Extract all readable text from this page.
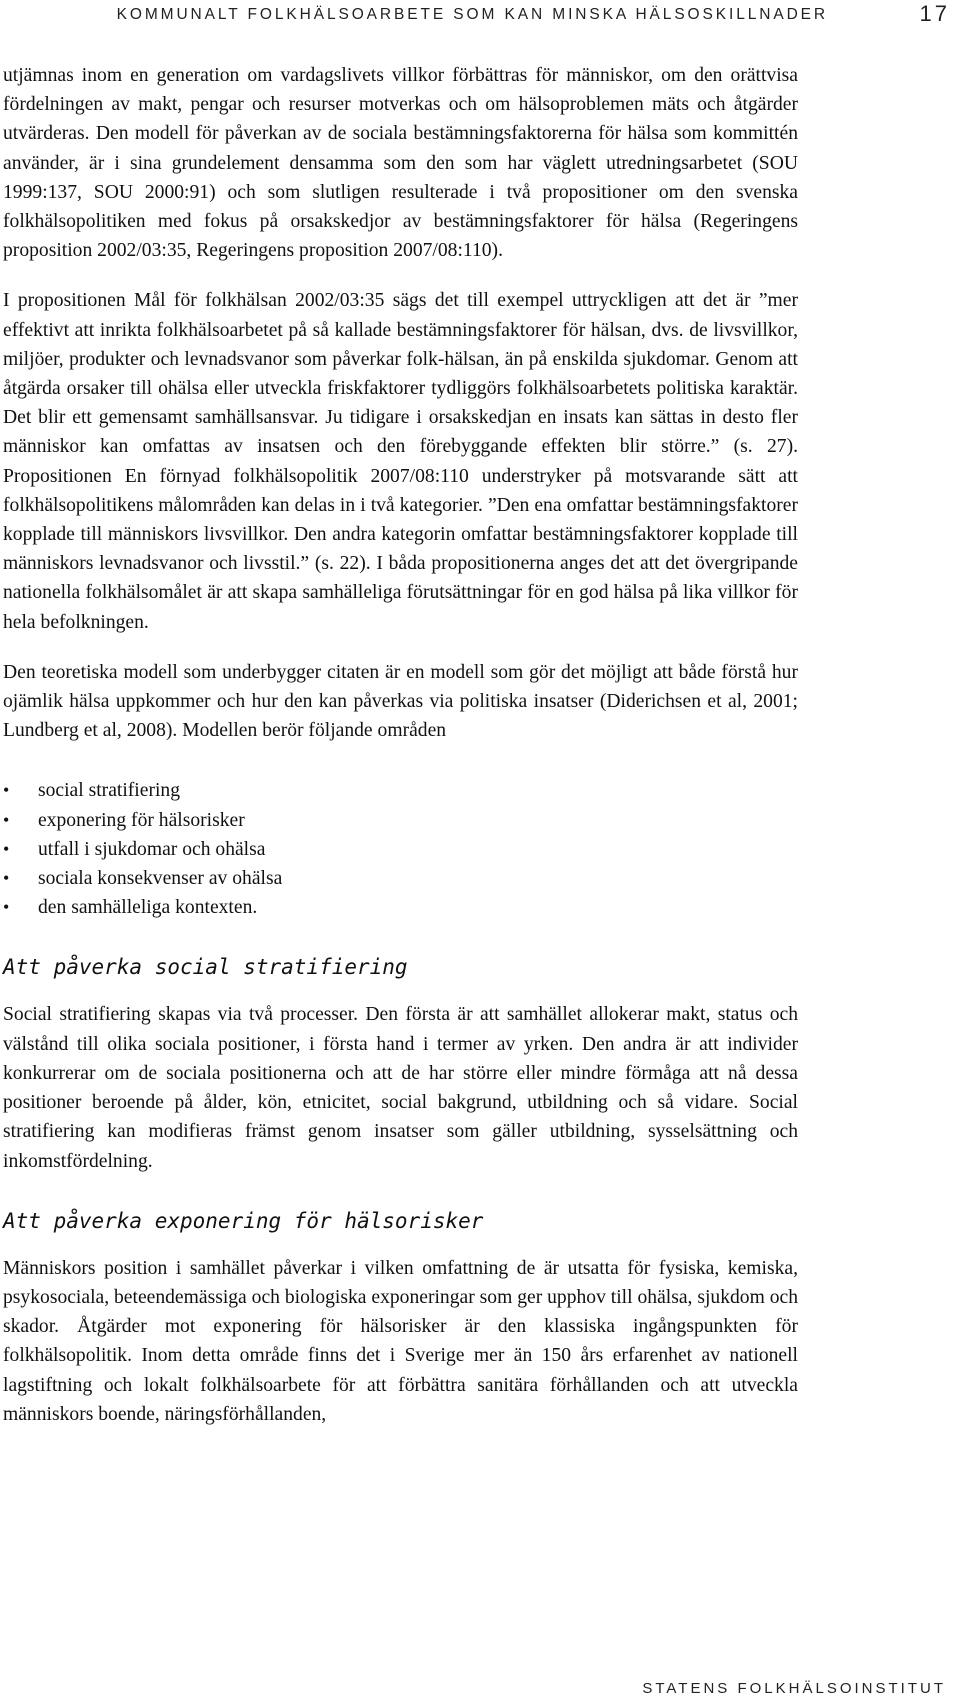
KOMMUNALT FOLKHÄLSOARBETE SOM KAN MINSKA HÄLSOSKILLNADER	17

utjämnas inom en generation om vardagslivets villkor förbättras för människor, om den orättvisa fördelningen av makt, pengar och resurser motverkas och om hälsoproblemen mäts och åtgärder utvärderas. Den modell för påverkan av de sociala bestämningsfaktorerna för hälsa som kommittén använder, är i sina grundelement densamma som den som har väglett utredningsarbetet (SOU 1999:137, SOU 2000:91) och som slutligen resulterade i två propositioner om den svenska folkhälsopolitiken med fokus på orsakskedjor av bestämningsfaktorer för hälsa (Regeringens proposition 2002/03:35, Regeringens proposition 2007/08:110).

I propositionen Mål för folkhälsan 2002/03:35 sägs det till exempel uttryckligen att det är ”mer effektivt att inrikta folkhälsoarbetet på så kallade bestämningsfaktorer för hälsan, dvs. de livsvillkor, miljöer, produkter och levnadsvanor som påverkar folk-hälsan, än på enskilda sjukdomar. Genom att åtgärda orsaker till ohälsa eller utveckla friskfaktorer tydliggörs folkhälsoarbetets politiska karaktär. Det blir ett gemensamt samhällsansvar. Ju tidigare i orsakskedjan en insats kan sättas in desto fler människor kan omfattas av insatsen och den förebyggande effekten blir större.” (s. 27). Propositionen En förnyad folkhälsopolitik 2007/08:110 understryker på motsvarande sätt att folkhälsopolitikens målområden kan delas in i två kategorier. ”Den ena omfattar bestämningsfaktorer kopplade till människors livsvillkor. Den andra kategorin omfattar bestämningsfaktorer kopplade till människors levnadsvanor och livsstil.” (s. 22). I båda propositionerna anges det att det övergripande nationella folkhälsomålet är att skapa samhälleliga förutsättningar för en god hälsa på lika villkor för hela befolkningen.

Den teoretiska modell som underbygger citaten är en modell som gör det möjligt att både förstå hur ojämlik hälsa uppkommer och hur den kan påverkas via politiska insatser (Diderichsen et al, 2001; Lundberg et al, 2008). Modellen berör följande områden

• social stratifiering
• exponering för hälsorisker
• utfall i sjukdomar och ohälsa
• sociala konsekvenser av ohälsa
• den samhälleliga kontexten.
Att påverka social stratifiering

Social stratifiering skapas via två processer. Den första är att samhället allokerar makt, status och välstånd till olika sociala positioner, i första hand i termer av yrken. Den andra är att individer konkurrerar om de sociala positionerna och att de har större eller mindre förmåga att nå dessa positioner beroende på ålder, kön, etnicitet, social bakgrund, utbildning och så vidare. Social stratifiering kan modifieras främst genom insatser som gäller utbildning, sysselsättning och inkomstfördelning.

Att påverka exponering för hälsorisker

Människors position i samhället påverkar i vilken omfattning de är utsatta för fysiska, kemiska, psykosociala, beteendemässiga och biologiska exponeringar som ger upphov till ohälsa, sjukdom och skador. Åtgärder mot exponering för hälsorisker är den klassiska ingångspunkten för folkhälsopolitik. Inom detta område finns det i Sverige mer än 150 års erfarenhet av nationell lagstiftning och lokalt folkhälsoarbete för att förbättra sanitära förhållanden och att utveckla människors boende, näringsförhållanden,

STATENS FOLKHÄLSOINSTITUT
